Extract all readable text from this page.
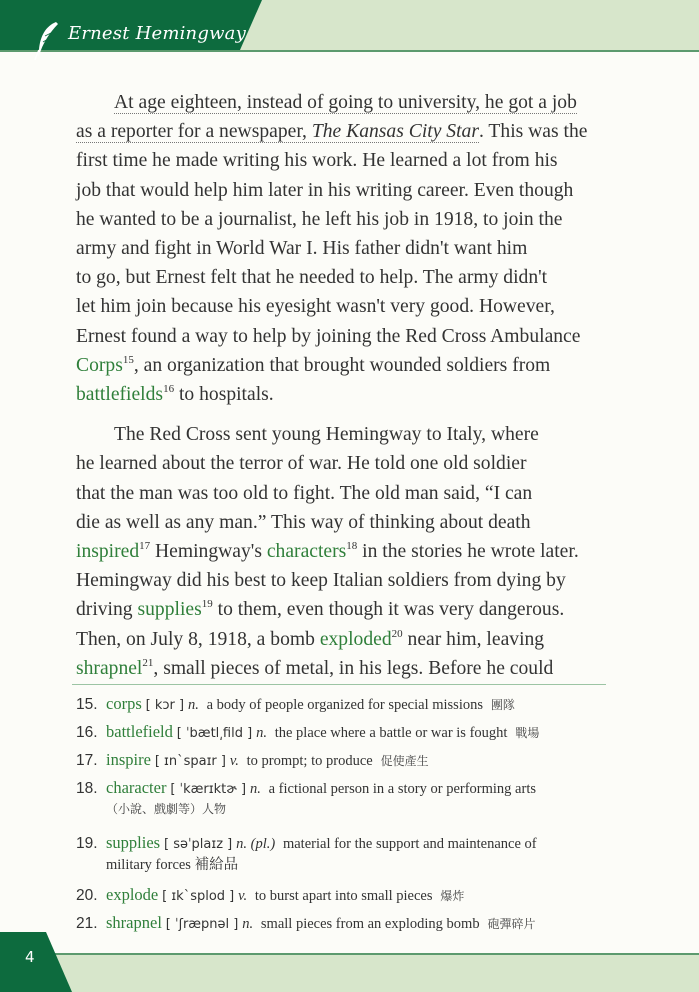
Ernest Hemingway

At age eighteen, instead of going to university, he got a job
as a reporter for a newspaper, The Kansas City Star. This was the
first time he made writing his work. He learned a lot from his
job that would help him later in his writing career. Even though
he wanted to be a journalist, he left his job in 1918, to join the
army and fight in World War I. His father didn't want him
to go, but Ernest felt that he needed to help. The army didn't
let him join because his eyesight wasn't very good. However,
Ernest found a way to help by joining the Red Cross Ambulance
Corps$^{15}$, an organization that brought wounded soldiers from
battlefields$^{16}$ to hospitals.

The Red Cross sent young Hemingway to Italy, where
he learned about the terror of war. He told one old soldier
that the man was too old to fight. The old man said, “I can
die as well as any man.” This way of thinking about death
inspired$^{17}$ Hemingway's characters$^{18}$ in the stories he wrote later.
Hemingway did his best to keep Italian soldiers from dying by
driving supplies$^{19}$ to them, even though it was very dangerous.
Then, on July 8, 1918, a bomb exploded$^{20}$ near him, leaving
shrapnel$^{21}$, small pieces of metal, in his legs. Before he could

15. corps [ kɔr ] n. a body of people organized for special missions 團隊
16. battlefield [ ˈbætl͵fild ] n. the place where a battle or war is fought 戰場
17. inspire [ ɪnˋspaɪr ] v. to prompt; to produce 促使產生
18. character [ ˈkærɪktɚ ] n. a fictional person in a story or performing arts
（小說、戲劇等）人物
19. supplies [ səˈplaɪz ] n. (pl.) material for the support and maintenance of
military forces 補給品
20. explode [ ɪkˋsplod ] v. to burst apart into small pieces 爆炸
21. shrapnel [ ˈʃræpnəl ] n. small pieces from an exploding bomb 砲彈碎片
4
